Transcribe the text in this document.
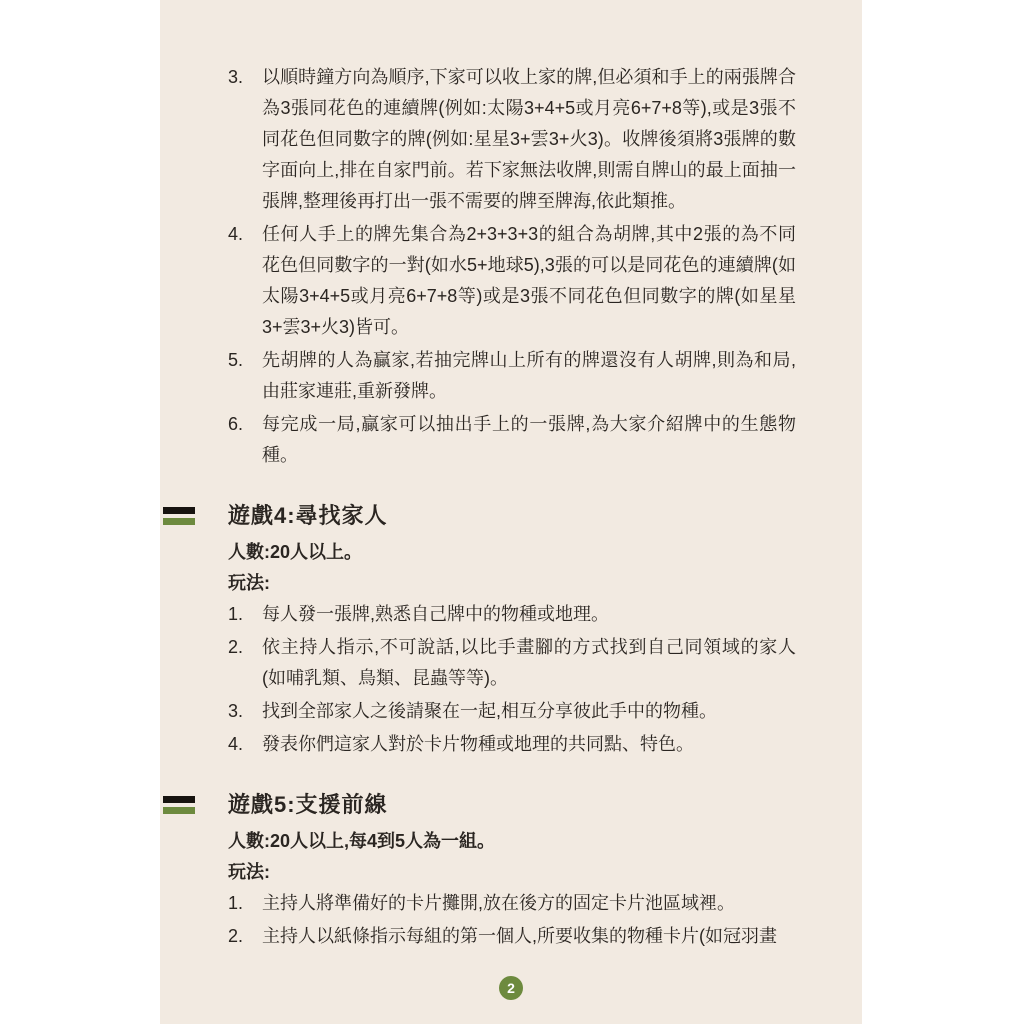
3.	以順時鐘方向為順序,下家可以收上家的牌,但必須和手上的兩張牌合為3張同花色的連續牌(例如:太陽3+4+5或月亮6+7+8等),或是3張不同花色但同數字的牌(例如:星星3+雲3+火3)。收牌後須將3張牌的數字面向上,排在自家門前。若下家無法收牌,則需自牌山的最上面抽一張牌,整理後再打出一張不需要的牌至牌海,依此類推。
4.	任何人手上的牌先集合為2+3+3+3的組合為胡牌,其中2張的為不同花色但同數字的一對(如水5+地球5),3張的可以是同花色的連續牌(如太陽3+4+5或月亮6+7+8等)或是3張不同花色但同數字的牌(如星星3+雲3+火3)皆可。
5.	先胡牌的人為贏家,若抽完牌山上所有的牌還沒有人胡牌,則為和局,由莊家連莊,重新發牌。
6.	每完成一局,贏家可以抽出手上的一張牌,為大家介紹牌中的生態物種。
遊戲4:尋找家人
人數:20人以上。
玩法:
1.	每人發一張牌,熟悉自己牌中的物種或地理。
2.	依主持人指示,不可說話,以比手畫腳的方式找到自己同領域的家人(如哺乳類、鳥類、昆蟲等等)。
3.	找到全部家人之後請聚在一起,相互分享彼此手中的物種。
4.	發表你們這家人對於卡片物種或地理的共同點、特色。
遊戲5:支援前線
人數:20人以上,每4到5人為一組。
玩法:
1.	主持人將準備好的卡片攤開,放在後方的固定卡片池區域裡。
2.	主持人以紙條指示每組的第一個人,所要收集的物種卡片(如冠羽畫
2
